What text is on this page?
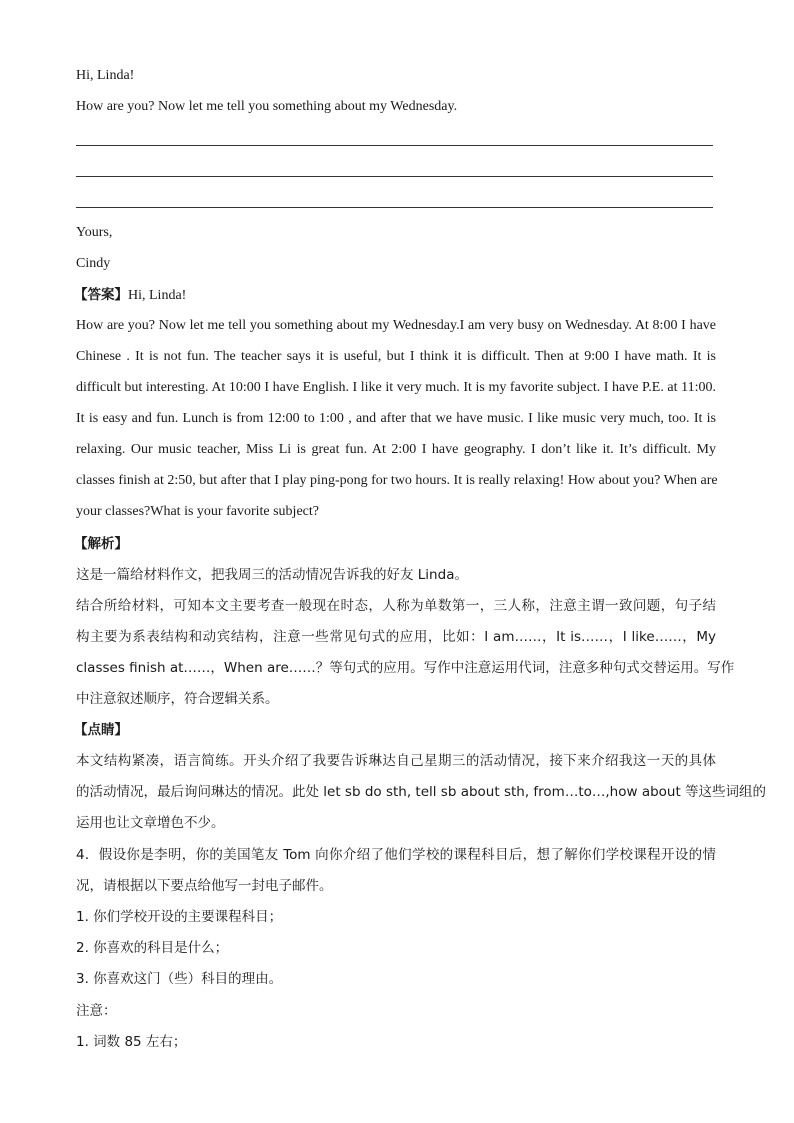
Hi, Linda!
How are you? Now let me tell you something about my Wednesday.
Yours,
Cindy
【答案】Hi, Linda!
How are you? Now let me tell you something about my Wednesday.I am very busy on Wednesday. At 8:00 I have
Chinese . It is not fun. The teacher says it is useful, but I think it is difficult. Then at 9:00 I have math. It is
difficult but interesting. At 10:00 I have English. I like it very much. It is my favorite subject. I have P.E. at 11:00.
It is easy and fun. Lunch is from 12:00 to 1:00 , and after that we have music. I like music very much, too. It is
relaxing. Our music teacher, Miss Li is great fun. At 2:00 I have geography. I don’t like it. It’s difficult. My
classes finish at 2:50, but after that I play ping-pong for two hours. It is really relaxing! How about you? When are
your classes?What is your favorite subject?
【解析】
这是一篇给材料作文，把我周三的活动情况告诉我的好友 Linda。
结合所给材料，可知本文主要考查一般现在时态，人称为单数第一，三人称，注意主谓一致问题，句子结
构主要为系表结构和动宾结构，注意一些常见句式的应用，比如：I am……，It is……，I like……，My
classes finish at……，When are……？等句式的应用。写作中注意运用代词，注意多种句式交替运用。写作
中注意叙述顺序，符合逻辑关系。
【点睛】
本文结构紧凑，语言简练。开头介绍了我要告诉琳达自己星期三的活动情况，接下来介绍我这一天的具体
的活动情况，最后询问琳达的情况。此处 let sb do sth, tell sb about sth, from…to…,how about 等这些词组的
运用也让文章增色不少。
4．假设你是李明，你的美国笔友 Tom 向你介绍了他们学校的课程科目后，想了解你们学校课程开设的情
况，请根据以下要点给他写一封电子邮件。
1. 你们学校开设的主要课程科目；
2. 你喜欢的科目是什么；
3. 你喜欢这门（些）科目的理由。
注意：
1. 词数 85 左右；
